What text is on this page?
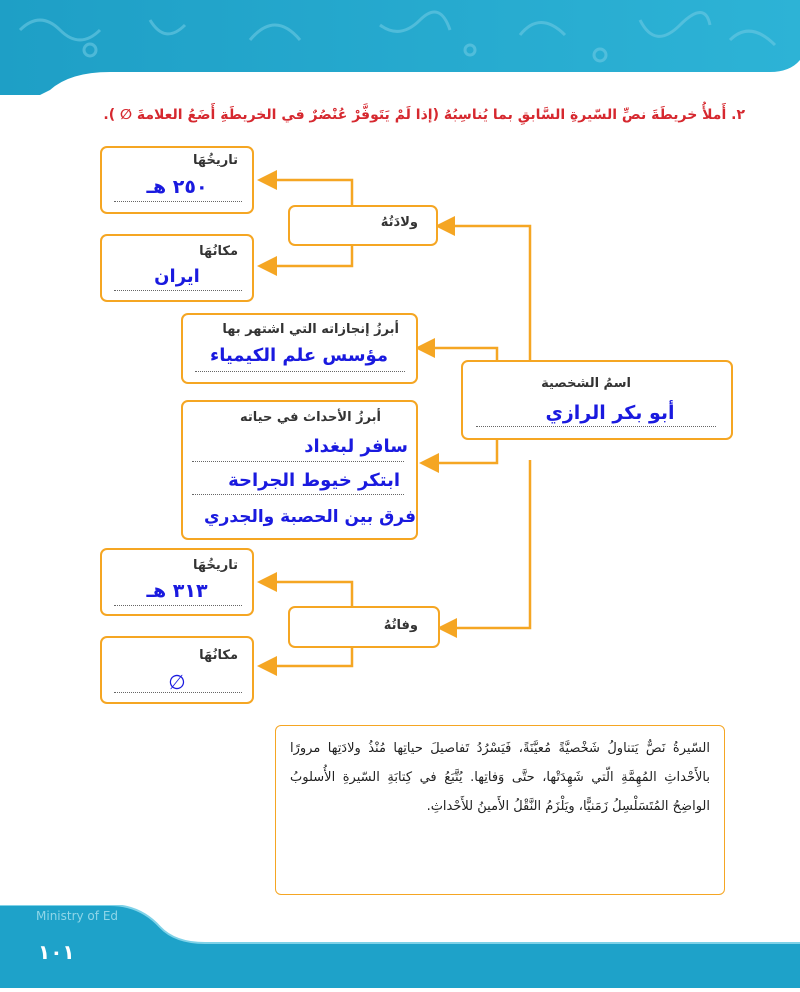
٢. أَملأُ خريطَةَ نصِّ السّيرةِ السَّابقِ بما يُناسِبُهُ (إذا لَمْ يَتَوفَّرْ عُنْصُرٌ في الخريطَةِ أَضَعُ العلامةَ ∅ ).
تاريخُهَا
٢٥٠ هـ
مكانُهَا
ايران
ولادَتُهُ
أبرزُ إنجازاته التي اشتهر بها
مؤسس علم الكيمياء
اسمُ الشخصية
أبو بكر الرازي
أبرزُ الأحداث في حياته
سافر لبغداد
ابتكر خيوط الجراحة
فرق بين الحصبة والجدري
تاريخُهَا
٣١٣ هـ
مكانُهَا
∅
وفاتُهُ
السّيرةُ نَصٌّ يَتناولُ شَخْصيَّةً مُعيَّنَةً، فَيَسْرُدُ تَفاصيلَ حياتِها مُنْذُ ولادَتِها مرورًا بالأَحْداثِ المُهِمَّةِ الّتي شَهِدَتْها، حتَّى وَفاتِها. يُتَّبَعُ في كِتابَةِ السّيرةِ الأُسلوبُ الواضِحُ المُتَسَلْسِلُ زَمَنيًّا، ويَلْزَمُ النَّقْلُ الأَمينُ للأَحْداثِ.
Ministry of Ed
١٠١
